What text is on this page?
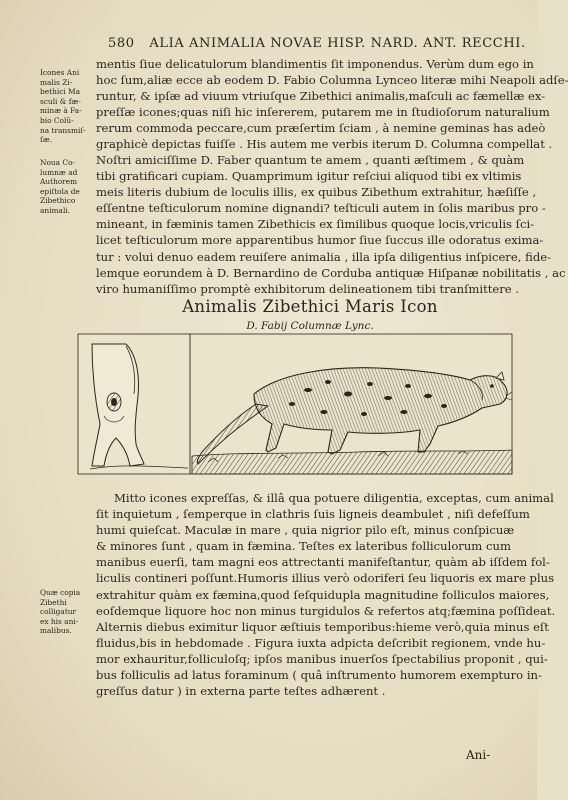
580 ALIA ANIMALIA NOVAE HISP. NARD. ANT. RECCHI.
Icones Ani
malis Zi-
bethici Ma
sculi & fæ-
minæ à Fa-
bio Colũ-
na transmiſ-
ſæ.
Noua Co-
lumnæ ad
Authorem
epiſtola de
Zibethico
animali.
Quæ copia
Zibethi
colligatur
ex his ani-
malibus.
mentis ſiue delicatulorum blandimentis ſit imponendus. Verùm dum ego in
hoc ſum,aliæ ecce ab eodem D. Fabio Columna Lynceo literæ mihi Neapoli adſe-
runtur, & ipſæ ad viuum vtriuſque Zibethici animalis,maſculi ac fæmellæ ex-
preſſæ icones;quas niſi hic inſererem, putarem me in ſtudioſorum naturalium
rerum commoda peccare,cum præſertim ſciam , à nemine geminas has adeò
graphicè depictas fuiſſe . His autem me verbis iterum D. Columna compellat .
Noſtri amiciſſime D. Faber quantum te amem , quanti æſtimem , & quàm
tibi gratificari cupiam. Quamprimum igitur reſciui aliquod tibi ex vltimis
meis literis dubium de loculis illis, ex quibus Zibethum extrahitur, hæſiſſe ,
eſſentne teſticulorum nomine dignandi? teſticuli autem in ſolis maribus pro -
mineant, in fæminis tamen Zibethicis ex ſimilibus quoque locis,vriculis ſci-
licet teſticulorum more apparentibus humor ſiue ſuccus ille odoratus exima-
tur : volui denuo eadem reuiſere animalia , illa ipſa diligentius inſpicere, fide-
lemque eorundem à D. Bernardino de Corduba antiquæ Hiſpanæ nobilitatis , ac
viro humaniſſimo promptè exhibitorum delineationem tibi tranſmittere .
Animalis Zibethici Maris Icon
D. Fabij Columnæ Lync.
Mitto icones expreſſas, & illâ qua potuere diligentia, exceptas, cum animal
ſit inquietum , ſemperque in clathris ſuis ligneis deambulet , niſi defeſſum
humi quieſcat. Maculæ in mare , quia nigrior pilo eſt, minus conſpicuæ
& minores ſunt , quam in fæmina. Teſtes ex lateribus folliculorum cum
manibus euerſi, tam magni eos attrectanti manifeſtantur, quàm ab iſſdem fol-
liculis contineri poſſunt.Humoris illius verò odoriferi ſeu liquoris ex mare plus
extrahitur quàm ex fæmina,quod ſeſquidupla magnitudine folliculos maiores,
eoſdemque liquore hoc non minus turgidulos & refertos atq;fæmina poſſideat.
Alternis diebus eximitur liquor æſtiuis temporibus:hieme verò,quia minus eſt
fluidus,bis in hebdomade . Figura iuxta adpicta deſcribit regionem, vnde hu-
mor exhauritur,folliculoſq; ipſos manibus inuerſos ſpectabilius proponit , qui-
bus folliculis ad latus foraminum ( quâ inſtrumento humorem exempturo in-
greſſus datur ) in externa parte teſtes adhærent .
Ani-
